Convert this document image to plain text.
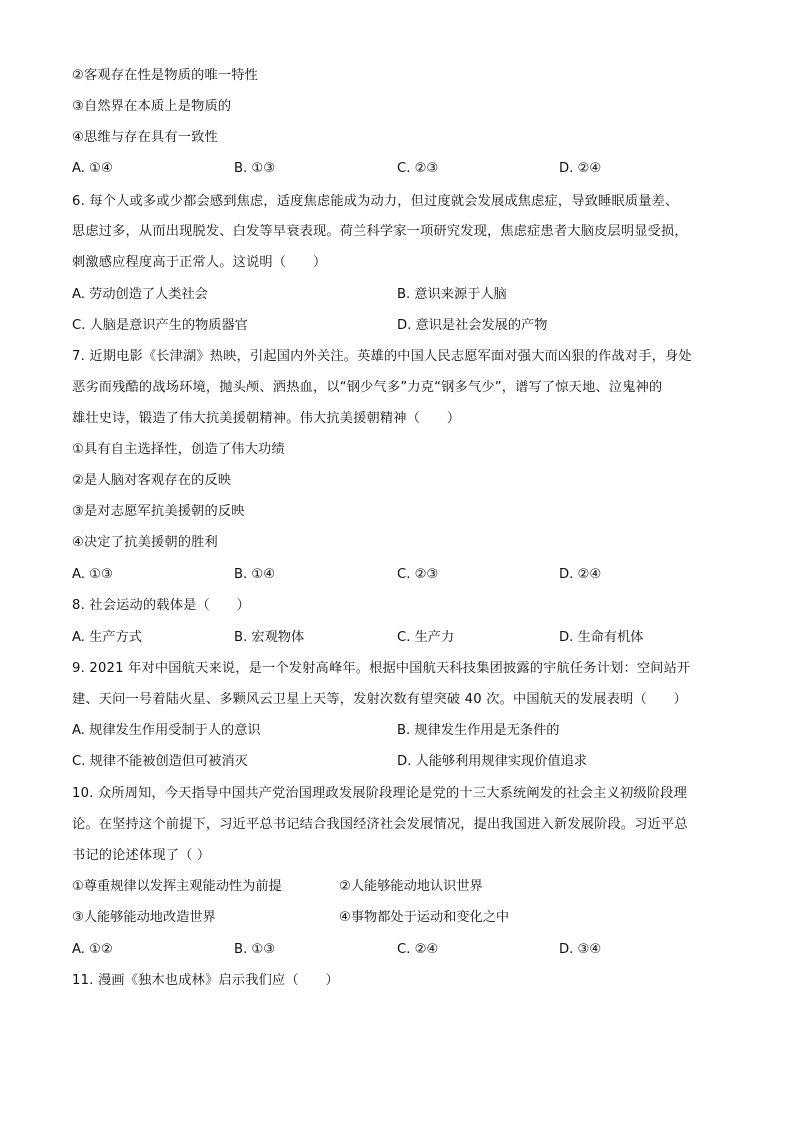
②客观存在性是物质的唯一特性
③自然界在本质上是物质的
④思维与存在具有一致性
A. ①④	B. ①③	C. ②③	D. ②④
6. 每个人或多或少都会感到焦虑，适度焦虑能成为动力，但过度就会发展成焦虑症，导致睡眠质量差、
思虑过多，从而出现脱发、白发等早衰表现。荷兰科学家一项研究发现，焦虑症患者大脑皮层明显受损，
刺激感应程度高于正常人。这说明（　　）
A. 劳动创造了人类社会	B. 意识来源于人脑
C. 人脑是意识产生的物质器官	D. 意识是社会发展的产物
7. 近期电影《长津湖》热映，引起国内外关注。英雄的中国人民志愿军面对强大而凶狠的作战对手，身处
恶劣而残酷的战场环境，抛头颅、洒热血，以“钢少气多”力克“钢多气少”，谱写了惊天地、泣鬼神的
雄壮史诗，锻造了伟大抗美援朝精神。伟大抗美援朝精神（　　）
①具有自主选择性，创造了伟大功绩
②是人脑对客观存在的反映
③是对志愿军抗美援朝的反映
④决定了抗美援朝的胜利
A. ①③	B. ①④	C. ②③	D. ②④
8. 社会运动的载体是（　　）
A. 生产方式	B. 宏观物体	C. 生产力	D. 生命有机体
9. 2021 年对中国航天来说，是一个发射高峰年。根据中国航天科技集团披露的宇航任务计划：空间站开
建、天问一号着陆火星、多颗风云卫星上天等，发射次数有望突破 40 次。中国航天的发展表明（　　）
A. 规律发生作用受制于人的意识	B. 规律发生作用是无条件的
C. 规律不能被创造但可被消灭	D. 人能够利用规律实现价值追求
10. 众所周知，今天指导中国共产党治国理政发展阶段理论是党的十三大系统阐发的社会主义初级阶段理
论。在坚持这个前提下，习近平总书记结合我国经济社会发展情况，提出我国进入新发展阶段。习近平总
书记的论述体现了（ ）
①尊重规律以发挥主观能动性为前提	②人能够能动地认识世界
③人能够能动地改造世界	④事物都处于运动和变化之中
A. ①②	B. ①③	C. ②④	D. ③④
11. 漫画《独木也成林》启示我们应（　　）
